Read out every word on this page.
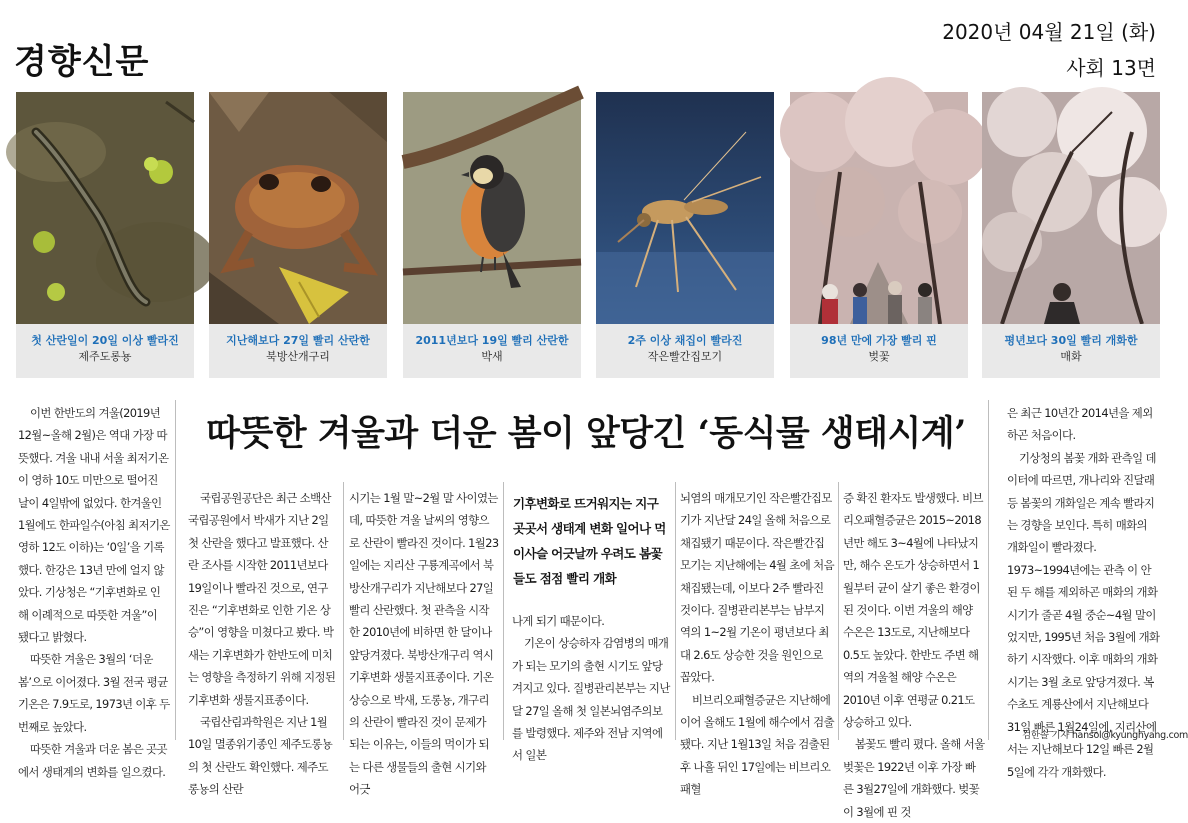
경향신문
2020년 04월 21일 (화)
사회 13면
첫 산란일이 20일 이상 빨라진
제주도롱뇽
지난해보다 27일 빨리 산란한
북방산개구리
2011년보다 19일 빨리 산란한
박새
2주 이상 채집이 빨라진
작은빨간집모기
98년 만에 가장 빨리 핀
벚꽃
평년보다 30일 빨리 개화한
매화
따뜻한 겨울과 더운 봄이 앞당긴 ‘동식물 생태시계’

이번 한반도의 겨울(2019년 12월~올해 2월)은 역대 가장 따뜻했다. 겨울 내내 서울 최저기온이 영하 10도 미만으로 떨어진 날이 4일밖에 없었다. 한겨울인 1월에도 한파일수(아침 최저기온 영하 12도 이하)는 ‘0일’을 기록했다. 한강은 13년 만에 얼지 않았다. 기상청은 “기후변화로 인해 이례적으로 따뜻한 겨울”이 됐다고 밝혔다.

따뜻한 겨울은 3월의 ‘더운 봄’으로 이어졌다. 3월 전국 평균 기온은 7.9도로, 1973년 이후 두 번째로 높았다.

따뜻한 겨울과 더운 봄은 곳곳에서 생태계의 변화를 일으켰다.

국립공원공단은 최근 소백산국립공원에서 박새가 지난 2일 첫 산란을 했다고 발표했다. 산란 조사를 시작한 2011년보다 19일이나 빨라진 것으로, 연구진은 “기후변화로 인한 기온 상승”이 영향을 미쳤다고 봤다. 박새는 기후변화가 한반도에 미치는 영향을 측정하기 위해 지정된 기후변화 생물지표종이다.

국립산림과학원은 지난 1월10일 멸종위기종인 제주도롱뇽의 첫 산란도 확인했다. 제주도롱뇽의 산란

시기는 1월 말~2월 말 사이였는데, 따뜻한 겨울 날씨의 영향으로 산란이 빨라진 것이다. 1월23일에는 지리산 구룡계곡에서 북방산개구리가 지난해보다 27일 빨리 산란했다. 첫 관측을 시작한 2010년에 비하면 한 달이나 앞당겨졌다. 북방산개구리 역시 기후변화 생물지표종이다. 기온 상승으로 박새, 도롱뇽, 개구리의 산란이 빨라진 것이 문제가 되는 이유는, 이들의 먹이가 되는 다른 생물들의 출현 시기와 어긋

기후변화로 뜨거워지는 지구 곳곳서 생태계 변화 일어나 먹이사슬 어긋날까 우려도 봄꽃들도 점점 빨리 개화

나게 되기 때문이다.

기온이 상승하자 감염병의 매개가 되는 모기의 출현 시기도 앞당겨지고 있다. 질병관리본부는 지난달 27일 올해 첫 일본뇌염주의보를 발령했다. 제주와 전남 지역에서 일본

뇌염의 매개모기인 작은빨간집모기가 지난달 24일 올해 처음으로 채집됐기 때문이다. 작은빨간집모기는 지난해에는 4월 초에 처음 채집됐는데, 이보다 2주 빨라진 것이다. 질병관리본부는 남부지역의 1~2월 기온이 평년보다 최대 2.6도 상승한 것을 원인으로 꼽았다.

비브리오패혈증균은 지난해에 이어 올해도 1월에 해수에서 검출됐다. 지난 1월13일 처음 검출된 후 나흘 뒤인 17일에는 비브리오패혈

증 확진 환자도 발생했다. 비브리오패혈증균은 2015~2018년만 해도 3~4월에 나타났지만, 해수 온도가 상승하면서 1월부터 균이 살기 좋은 환경이 된 것이다. 이번 겨울의 해양 수온은 13도로, 지난해보다 0.5도 높았다. 한반도 주변 해역의 겨울철 해양 수온은 2010년 이후 연평균 0.21도 상승하고 있다.

봄꽃도 빨리 폈다. 올해 서울 벚꽃은 1922년 이후 가장 빠른 3월27일에 개화했다. 벚꽃이 3월에 핀 것

은 최근 10년간 2014년을 제외하곤 처음이다.

기상청의 봄꽃 개화 관측일 데이터에 따르면, 개나리와 진달래 등 봄꽃의 개화일은 계속 빨라지는 경향을 보인다. 특히 매화의 개화일이 빨라졌다. 1973~1994년에는 관측 이 안된 두 해를 제외하곤 매화의 개화 시기가 줄곧 4월 중순~4월 말이었지만, 1995년 처음 3월에 개화하기 시작했다. 이후 매화의 개화 시기는 3월 초로 앞당겨졌다. 복수초도 계룡산에서 지난해보다 31일 빠른 1월24일에, 지리산에서는 지난해보다 12일 빠른 2월5일에 각각 개화했다.

김한솔 기자 hansol@kyunghyang.com
